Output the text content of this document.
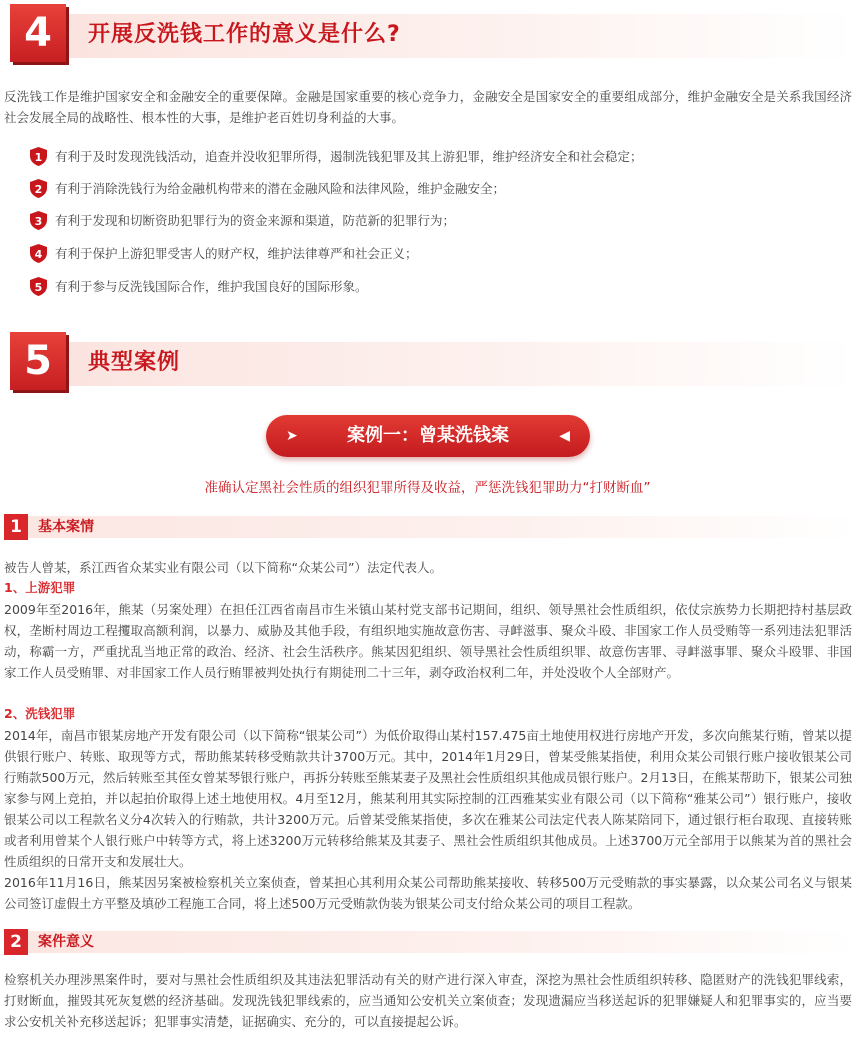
4	开展反洗钱工作的意义是什么?

反洗钱工作是维护国家安全和金融安全的重要保障。金融是国家重要的核心竞争力，金融安全是国家安全的重要组成部分，维护金融安全是关系我国经济社会发展全局的战略性、根本性的大事，是维护老百姓切身利益的大事。

1 有利于及时发现洗钱活动，追查并没收犯罪所得，遏制洗钱犯罪及其上游犯罪，维护经济安全和社会稳定；
2 有利于消除洗钱行为给金融机构带来的潜在金融风险和法律风险，维护金融安全；
3 有利于发现和切断资助犯罪行为的资金来源和渠道，防范新的犯罪行为；
4 有利于保护上游犯罪受害人的财产权，维护法律尊严和社会正义；
5 有利于参与反洗钱国际合作，维护我国良好的国际形象。
5	典型案例
➤	案例一：曾某洗钱案	◀
准确认定黑社会性质的组织犯罪所得及收益，严惩洗钱犯罪助力“打财断血”
1	基本案情

被告人曾某，系江西省众某实业有限公司（以下简称“众某公司”）法定代表人。

1、上游犯罪

2009年至2016年，熊某（另案处理）在担任江西省南昌市生米镇山某村党支部书记期间，组织、领导黑社会性质组织，依仗宗族势力长期把持村基层政权，垄断村周边工程攫取高额利润，以暴力、威胁及其他手段，有组织地实施故意伤害、寻衅滋事、聚众斗殴、非国家工作人员受贿等一系列违法犯罪活动，称霸一方，严重扰乱当地正常的政治、经济、社会生活秩序。熊某因犯组织、领导黑社会性质组织罪、故意伤害罪、寻衅滋事罪、聚众斗殴罪、非国家工作人员受贿罪、对非国家工作人员行贿罪被判处执行有期徒刑二十三年，剥夺政治权利二年，并处没收个人全部财产。

2、洗钱犯罪

2014年，南昌市银某房地产开发有限公司（以下简称“银某公司”）为低价取得山某村157.475亩土地使用权进行房地产开发，多次向熊某行贿，曾某以提供银行账户、转账、取现等方式，帮助熊某转移受贿款共计3700万元。其中，2014年1月29日，曾某受熊某指使，利用众某公司银行账户接收银某公司行贿款500万元，然后转账至其侄女曾某琴银行账户，再拆分转账至熊某妻子及黑社会性质组织其他成员银行账户。2月13日，在熊某帮助下，银某公司独家参与网上竞拍，并以起拍价取得上述土地使用权。4月至12月，熊某利用其实际控制的江西雅某实业有限公司（以下简称“雅某公司”）银行账户，接收银某公司以工程款名义分4次转入的行贿款，共计3200万元。后曾某受熊某指使，多次在雅某公司法定代表人陈某陪同下，通过银行柜台取现、直接转账或者利用曾某个人银行账户中转等方式，将上述3200万元转移给熊某及其妻子、黑社会性质组织其他成员。上述3700万元全部用于以熊某为首的黑社会性质组织的日常开支和发展壮大。

2016年11月16日，熊某因另案被检察机关立案侦查，曾某担心其利用众某公司帮助熊某接收、转移500万元受贿款的事实暴露，以众某公司名义与银某公司签订虚假土方平整及填砂工程施工合同，将上述500万元受贿款伪装为银某公司支付给众某公司的项目工程款。

2	案件意义

检察机关办理涉黑案件时，要对与黑社会性质组织及其违法犯罪活动有关的财产进行深入审查，深挖为黑社会性质组织转移、隐匿财产的洗钱犯罪线索，打财断血，摧毁其死灰复燃的经济基础。发现洗钱犯罪线索的，应当通知公安机关立案侦查；发现遗漏应当移送起诉的犯罪嫌疑人和犯罪事实的，应当要求公安机关补充移送起诉；犯罪事实清楚，证据确实、充分的，可以直接提起公诉。
